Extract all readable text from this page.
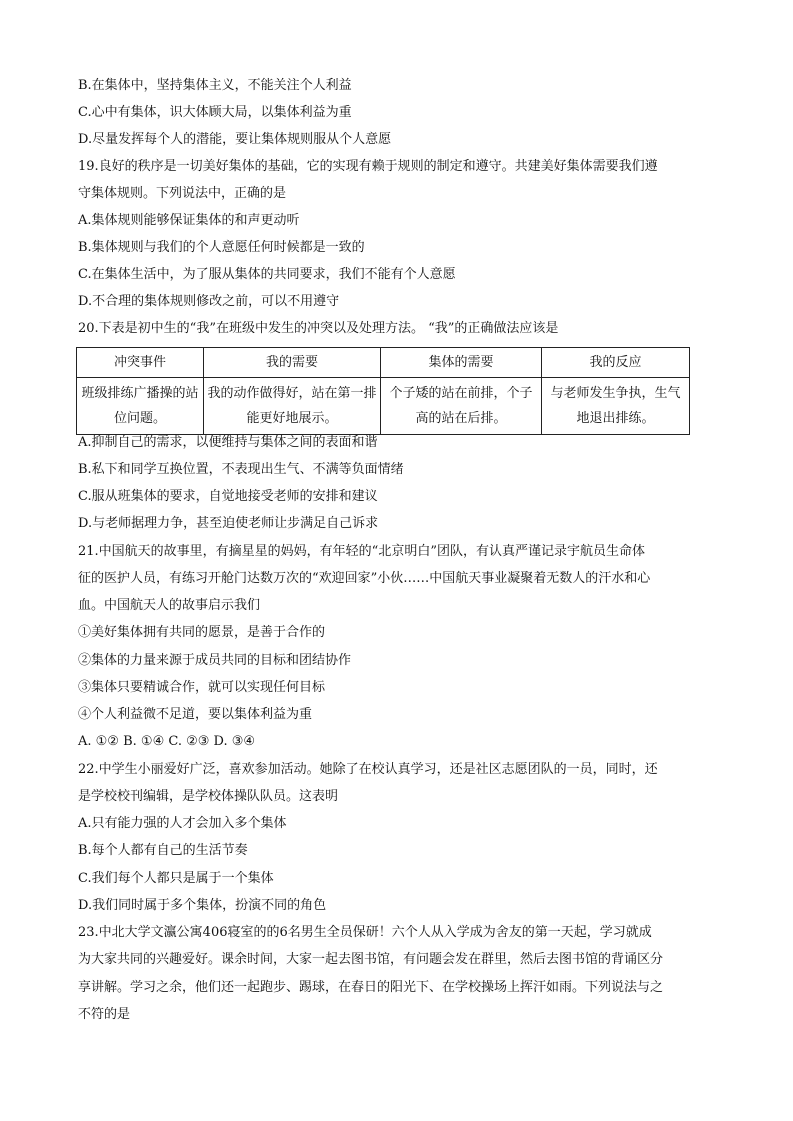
B.在集体中，坚持集体主义，不能关注个人利益
C.心中有集体，识大体顾大局，以集体利益为重
D.尽量发挥每个人的潜能，要让集体规则服从个人意愿
19.良好的秩序是一切美好集体的基础，它的实现有赖于规则的制定和遵守。共建美好集体需要我们遵
守集体规则。下列说法中，正确的是
A.集体规则能够保证集体的和声更动听
B.集体规则与我们的个人意愿任何时候都是一致的
C.在集体生活中，为了服从集体的共同要求，我们不能有个人意愿
D.不合理的集体规则修改之前，可以不用遵守
20.下表是初中生的“我”在班级中发生的冲突以及处理方法。 “我”的正确做法应该是
冲突事件	我的需要	集体的需要	我的反应
班级排练广播操的站位问题。	我的动作做得好，站在第一排能更好地展示。	个子矮的站在前排，个子高的站在后排。	与老师发生争执，生气地退出排练。
A.抑制自己的需求，以便维持与集体之间的表面和谐
B.私下和同学互换位置，不表现出生气、不满等负面情绪
C.服从班集体的要求，自觉地接受老师的安排和建议
D.与老师据理力争，甚至迫使老师让步满足自己诉求
21.中国航天的故事里，有摘星星的妈妈，有年轻的“北京明白”团队，有认真严谨记录宇航员生命体
征的医护人员，有练习开舱门达数万次的“欢迎回家”小伙……中国航天事业凝聚着无数人的汗水和心
血。中国航天人的故事启示我们
①美好集体拥有共同的愿景，是善于合作的
②集体的力量来源于成员共同的目标和团结协作
③集体只要精诚合作，就可以实现任何目标
④个人利益微不足道，要以集体利益为重
A. ①② B. ①④ C. ②③ D. ③④
22.中学生小丽爱好广泛，喜欢参加活动。她除了在校认真学习，还是社区志愿团队的一员，同时，还
是学校校刊编辑，是学校体操队队员。这表明
A.只有能力强的人才会加入多个集体
B.每个人都有自己的生活节奏
C.我们每个人都只是属于一个集体
D.我们同时属于多个集体，扮演不同的角色
23.中北大学文瀛公寓406寝室的的6名男生全员保研！六个人从入学成为舍友的第一天起，学习就成
为大家共同的兴趣爱好。课余时间，大家一起去图书馆，有问题会发在群里，然后去图书馆的背诵区分
享讲解。学习之余，他们还一起跑步、踢球，在春日的阳光下、在学校操场上挥汗如雨。下列说法与之
不符的是
